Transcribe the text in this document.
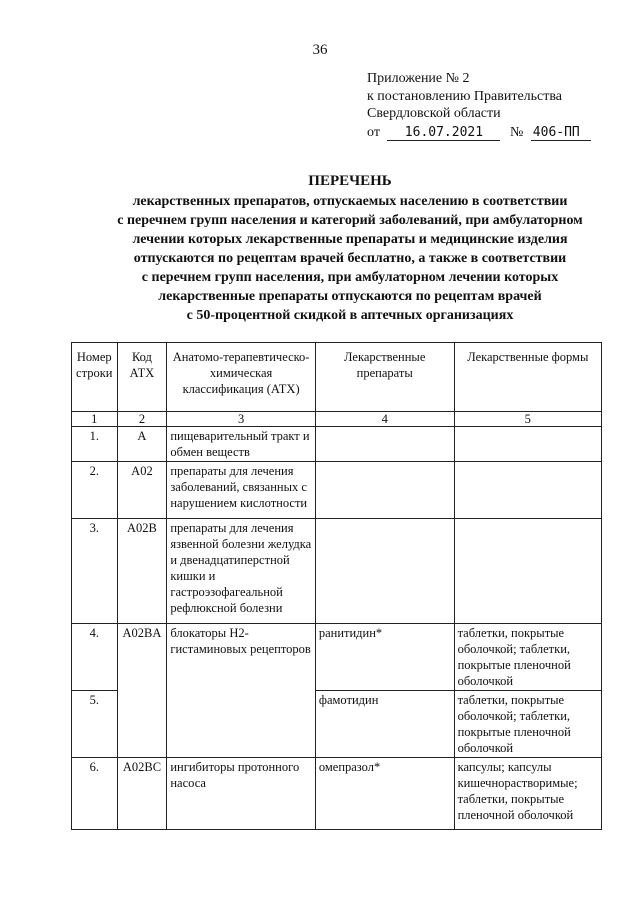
36
Приложение № 2
к постановлению Правительства
Свердловской области
от 16.07.2021 № 406-ПП
ПЕРЕЧЕНЬ
лекарственных препаратов, отпускаемых населению в соответствии
с перечнем групп населения и категорий заболеваний, при амбулаторном
лечении которых лекарственные препараты и медицинские изделия
отпускаются по рецептам врачей бесплатно, а также в соответствии
с перечнем групп населения, при амбулаторном лечении которых
лекарственные препараты отпускаются по рецептам врачей
с 50-процентной скидкой в аптечных организациях
Номер строки	Код АТХ	Анатомо-терапевтическо-химическая классификация (АТХ)	Лекарственные препараты	Лекарственные формы
1	2	3	4	5
1.	A	пищеварительный тракт и обмен веществ		
2.	A02	препараты для лечения заболеваний, связанных с нарушением кислотности		
3.	A02B	препараты для лечения язвенной болезни желудка и двенадцатиперстной кишки и гастроэзофагеальной рефлюксной болезни		
4.	A02BA	блокаторы H2-гистаминовых рецепторов	ранитидин*	таблетки, покрытые оболочкой; таблетки, покрытые пленочной оболочкой
5.			фамотидин	таблетки, покрытые оболочкой; таблетки, покрытые пленочной оболочкой
6.	A02BC	ингибиторы протонного насоса	омепразол*	капсулы; капсулы кишечнорастворимые; таблетки, покрытые пленочной оболочкой
